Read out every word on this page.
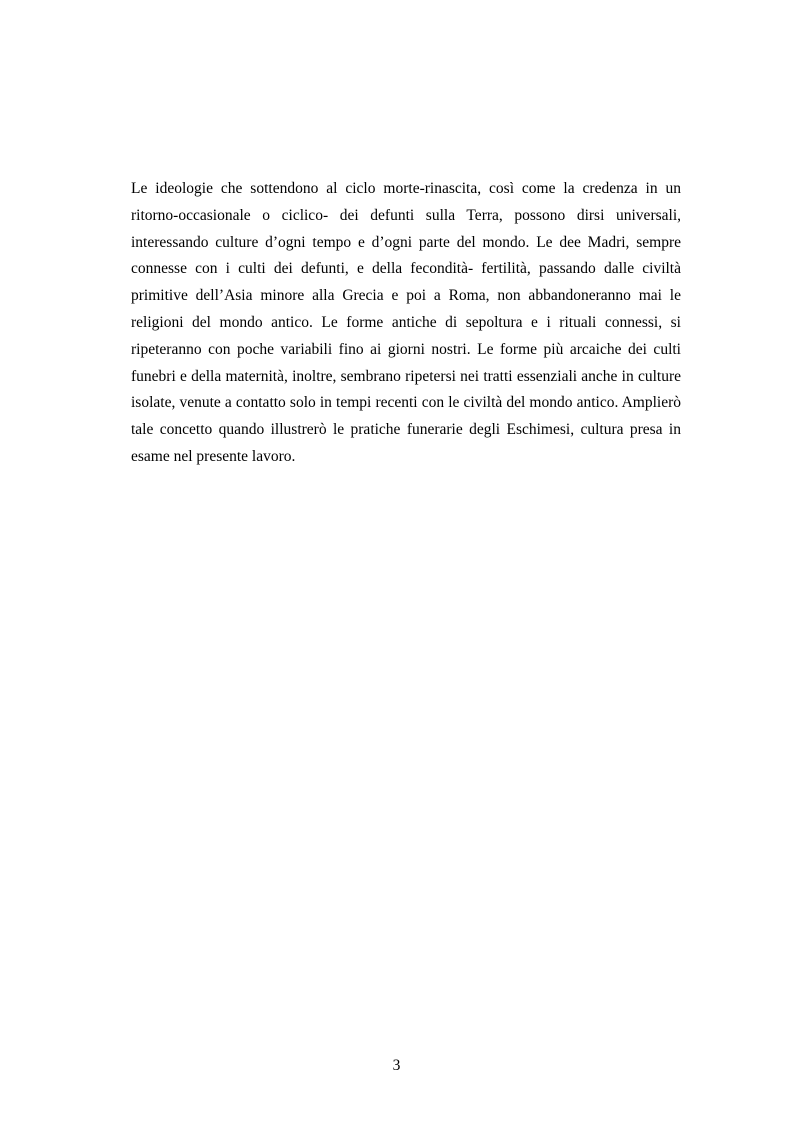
Le ideologie che sottendono al ciclo morte-rinascita, così come la credenza in un ritorno-occasionale o ciclico- dei defunti sulla Terra, possono dirsi universali, interessando culture d’ogni tempo e d’ogni parte del mondo. Le dee Madri, sempre connesse con i culti dei defunti, e della fecondità- fertilità, passando dalle civiltà primitive dell’Asia minore alla Grecia e poi a Roma, non abbandoneranno mai le religioni del mondo antico. Le forme antiche di sepoltura e i rituali connessi, si ripeteranno con poche variabili fino ai giorni nostri. Le forme più arcaiche dei culti funebri e della maternità, inoltre, sembrano ripetersi nei tratti essenziali anche in culture isolate, venute a contatto solo in tempi recenti con le civiltà del mondo antico. Amplierò tale concetto quando illustrerò le pratiche funerarie degli Eschimesi, cultura presa in esame nel presente lavoro.

3
